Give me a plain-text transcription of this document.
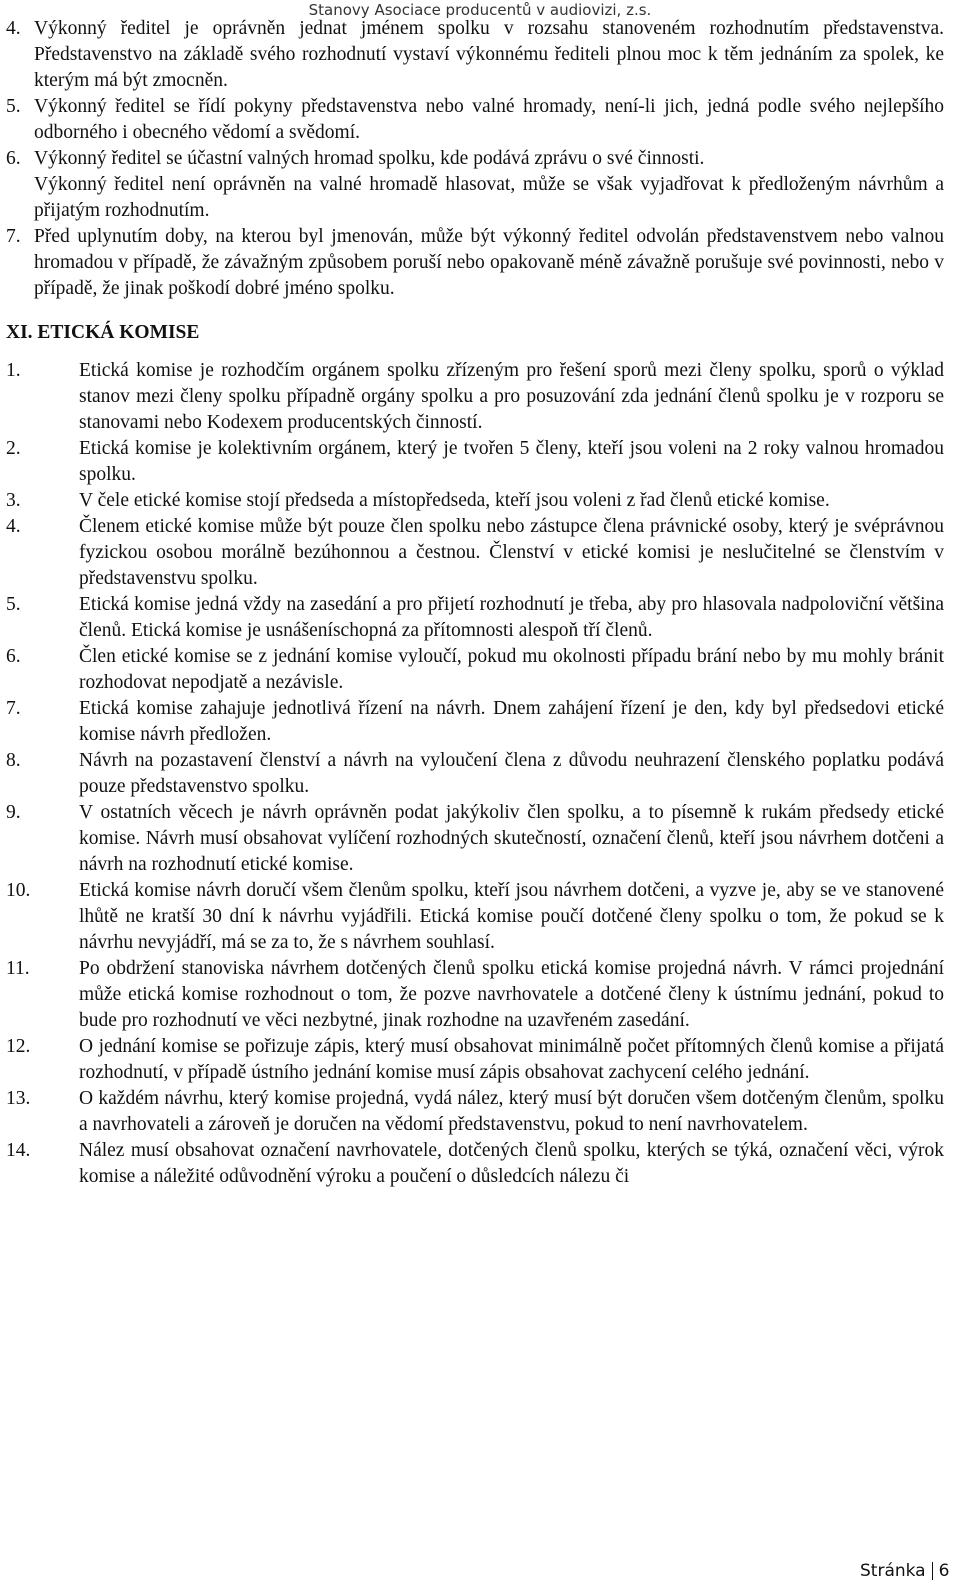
Stanovy Asociace producentů v audiovizi, z.s.
4. Výkonný ředitel je oprávněn jednat jménem spolku v rozsahu stanoveném rozhodnutím představenstva. Představenstvo na základě svého rozhodnutí vystaví výkonnému řediteli plnou moc k těm jednáním za spolek, ke kterým má být zmocněn.
5. Výkonný ředitel se řídí pokyny představenstva nebo valné hromady, není-li jich, jedná podle svého nejlepšího odborného i obecného vědomí a svědomí.
6. Výkonný ředitel se účastní valných hromad spolku, kde podává zprávu o své činnosti.
Výkonný ředitel není oprávněn na valné hromadě hlasovat, může se však vyjadřovat k předloženým návrhům a přijatým rozhodnutím.
7. Před uplynutím doby, na kterou byl jmenován, může být výkonný ředitel odvolán představenstvem nebo valnou hromadou v případě, že závažným způsobem poruší nebo opakovaně méně závažně porušuje své povinnosti, nebo v případě, že jinak poškodí dobré jméno spolku.
XI. ETICKÁ KOMISE
1.	Etická komise je rozhodčím orgánem spolku zřízeným pro řešení sporů mezi členy spolku, sporů o výklad stanov mezi členy spolku případně orgány spolku a pro posuzování zda jednání členů spolku je v rozporu se stanovami nebo Kodexem producentských činností.
2.	Etická komise je kolektivním orgánem, který je tvořen 5 členy, kteří jsou voleni na 2 roky valnou hromadou spolku.
3.	V čele etické komise stojí předseda a místopředseda, kteří jsou voleni z řad členů etické komise.
4.	Členem etické komise může být pouze člen spolku nebo zástupce člena právnické osoby, který je svéprávnou fyzickou osobou morálně bezúhonnou a čestnou. Členství v etické komisi je neslučitelné se členstvím v představenstvu spolku.
5.	Etická komise jedná vždy na zasedání a pro přijetí rozhodnutí je třeba, aby pro hlasovala nadpoloviční většina členů. Etická komise je usnášeníschopná za přítomnosti alespoň tří členů.
6.	Člen etické komise se z jednání komise vyloučí, pokud mu okolnosti případu brání nebo by mu mohly bránit rozhodovat nepodjatě a nezávisle.
7.	Etická komise zahajuje jednotlivá řízení na návrh. Dnem zahájení řízení je den, kdy byl předsedovi etické komise návrh předložen.
8.	Návrh na pozastavení členství a návrh na vyloučení člena z důvodu neuhrazení členského poplatku podává pouze představenstvo spolku.
9.	V ostatních věcech je návrh oprávněn podat jakýkoliv člen spolku, a to písemně k rukám předsedy etické komise. Návrh musí obsahovat vylíčení rozhodných skutečností, označení členů, kteří jsou návrhem dotčeni a návrh na rozhodnutí etické komise.
10. Etická komise návrh doručí všem členům spolku, kteří jsou návrhem dotčeni, a vyzve je, aby se ve stanovené lhůtě ne kratší 30 dní k návrhu vyjádřili. Etická komise poučí dotčené členy spolku o tom, že pokud se k návrhu nevyjádří, má se za to, že s návrhem souhlasí.
11.	Po obdržení stanoviska návrhem dotčených členů spolku etická komise projedná návrh. V rámci projednání může etická komise rozhodnout o tom, že pozve navrhovatele a dotčené členy k ústnímu jednání, pokud to bude pro rozhodnutí ve věci nezbytné, jinak rozhodne na uzavřeném zasedání.
12. O jednání komise se pořizuje zápis, který musí obsahovat minimálně počet přítomných členů komise a přijatá rozhodnutí, v případě ústního jednání komise musí zápis obsahovat zachycení celého jednání.
13. O každém návrhu, který komise projedná, vydá nález, který musí být doručen všem dotčeným členům, spolku a navrhovateli a zároveň je doručen na vědomí představenstvu, pokud to není navrhovatelem.
14. Nález musí obsahovat označení navrhovatele, dotčených členů spolku, kterých se týká, označení věci, výrok komise a náležité odůvodnění výroku a poučení o důsledcích nálezu či
Stránka 6
